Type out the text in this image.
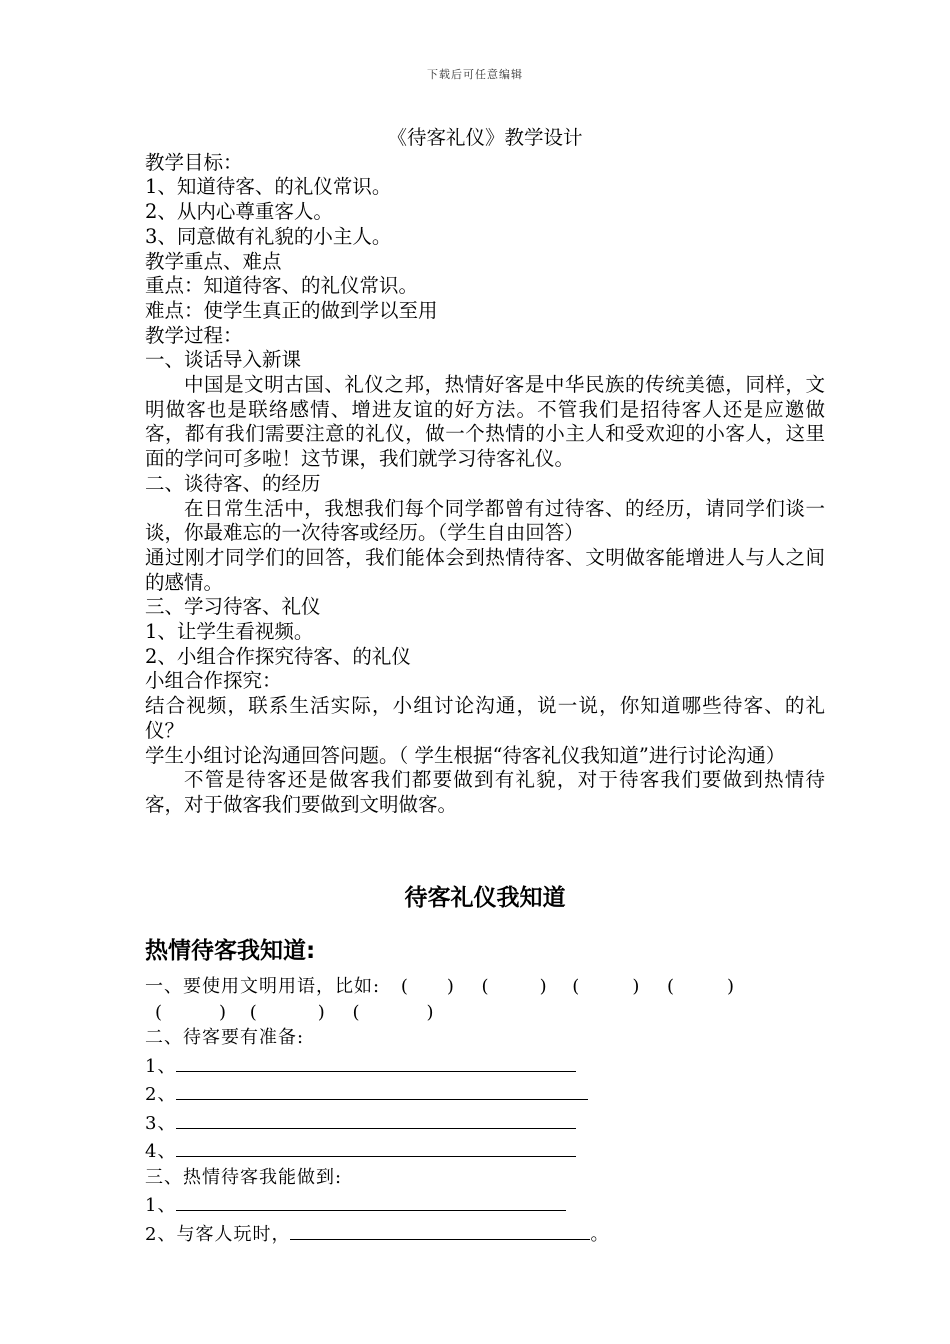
下载后可任意编辑
《待客礼仪》教学设计
教学目标：
1、知道待客、的礼仪常识。
2、从内心尊重客人。
3、同意做有礼貌的小主人。
教学重点、难点
重点：知道待客、的礼仪常识。
难点：使学生真正的做到学以至用
教学过程：
一、谈话导入新课
中国是文明古国、礼仪之邦，热情好客是中华民族的传统美德，同样，文明做客也是联络感情、增进友谊的好方法。不管我们是招待客人还是应邀做客，都有我们需要注意的礼仪，做一个热情的小主人和受欢迎的小客人，这里面的学问可多啦！这节课，我们就学习待客礼仪。
二、谈待客、的经历
在日常生活中，我想我们每个同学都曾有过待客、的经历，请同学们谈一谈，你最难忘的一次待客或经历。（学生自由回答）
通过刚才同学们的回答，我们能体会到热情待客、文明做客能增进人与人之间的感情。
三、学习待客、礼仪
1、让学生看视频。
2、小组合作探究待客、的礼仪
小组合作探究：
结合视频，联系生活实际，小组讨论沟通，说一说，你知道哪些待客、的礼仪？
学生小组讨论沟通回答问题。（ 学生根据“待客礼仪我知道”进行讨论沟通）
不管是待客还是做客我们都要做到有礼貌，对于待客我们要做到热情待客，对于做客我们要做到文明做客。
待客礼仪我知道
热情待客我知道:
一、要使用文明用语，比如: ( ) (	) (	) (	)
(	) (	) (	)
二、待客要有准备:
1、
2、
3、
4、
三、热情待客我能做到:
1、
2、与客人玩时，	。
